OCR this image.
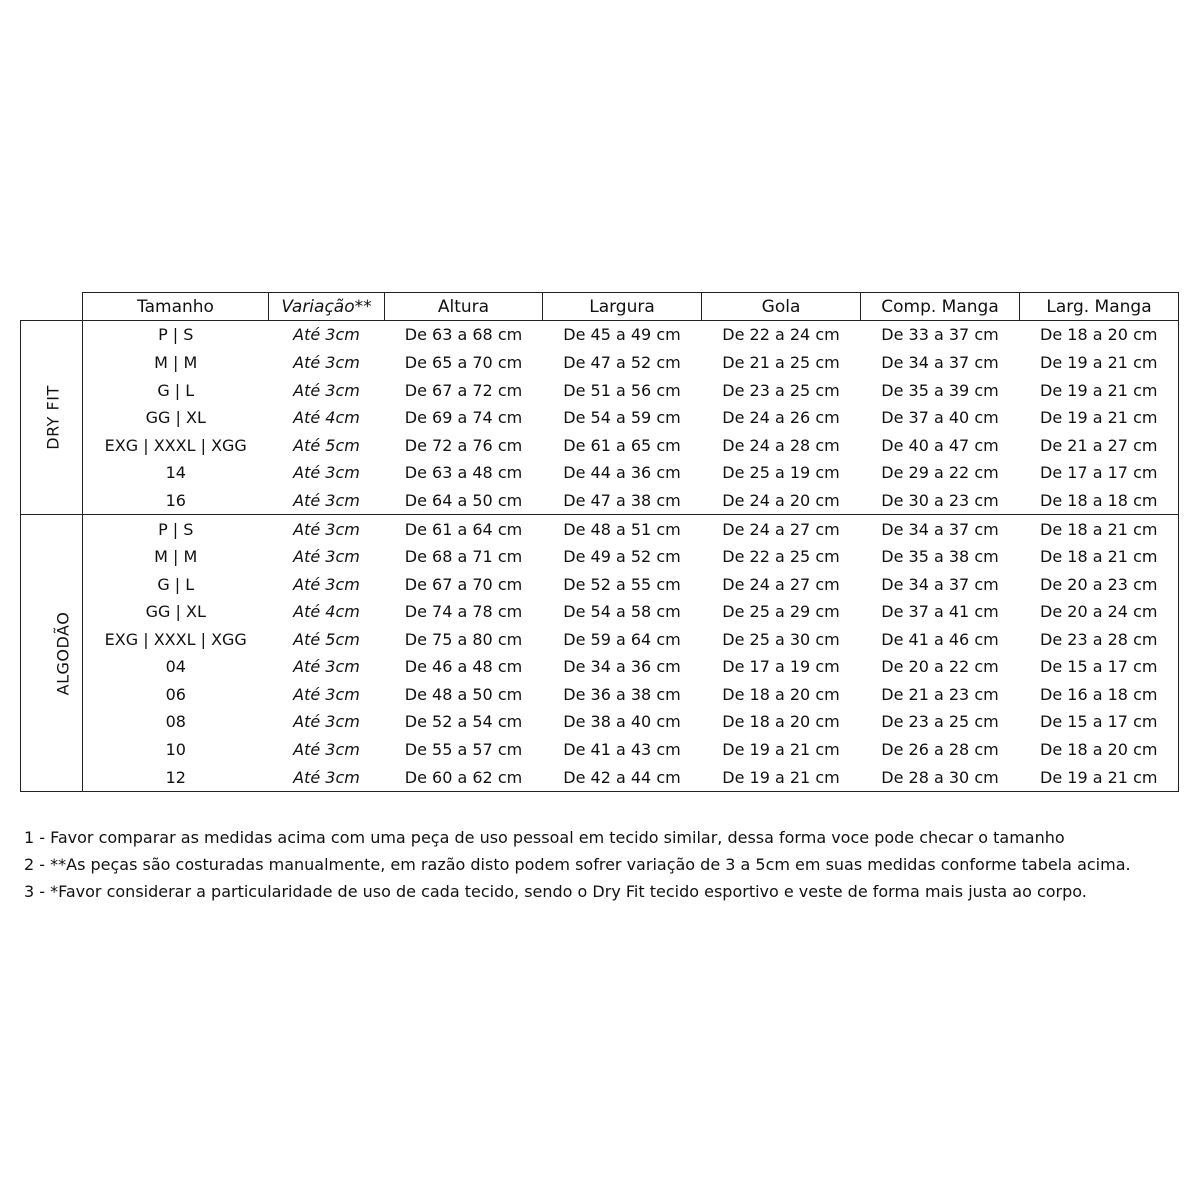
	Tamanho	Variação**	Altura	Largura	Gola	Comp. Manga	Larg. Manga
DRY FIT	P | S	Até 3cm	De 63 a 68 cm	De 45 a 49 cm	De 22 a 24 cm	De 33 a 37 cm	De 18 a 20 cm
	M | M	Até 3cm	De 65 a 70 cm	De 47 a 52 cm	De 21 a 25 cm	De 34 a 37 cm	De 19 a 21 cm
	G | L	Até 3cm	De 67 a 72 cm	De 51 a 56 cm	De 23 a 25 cm	De 35 a 39 cm	De 19 a 21 cm
	GG | XL	Até 4cm	De 69 a 74 cm	De 54 a 59 cm	De 24 a 26 cm	De 37 a 40 cm	De 19 a 21 cm
	EXG | XXXL | XGG	Até 5cm	De 72 a 76 cm	De 61 a 65 cm	De 24 a 28 cm	De 40 a 47 cm	De 21 a 27 cm
	14	Até 3cm	De 63 a 48 cm	De 44 a 36 cm	De 25 a 19 cm	De 29 a 22 cm	De 17 a 17 cm
	16	Até 3cm	De 64 a 50 cm	De 47 a 38 cm	De 24 a 20 cm	De 30 a 23 cm	De 18 a 18 cm
ALGODÃO	P | S	Até 3cm	De 61 a 64 cm	De 48 a 51 cm	De 24 a 27 cm	De 34 a 37 cm	De 18 a 21 cm
	M | M	Até 3cm	De 68 a 71 cm	De 49 a 52 cm	De 22 a 25 cm	De 35 a 38 cm	De 18 a 21 cm
	G | L	Até 3cm	De 67 a 70 cm	De 52 a 55 cm	De 24 a 27 cm	De 34 a 37 cm	De 20 a 23 cm
	GG | XL	Até 4cm	De 74 a 78 cm	De 54 a 58 cm	De 25 a 29 cm	De 37 a 41 cm	De 20 a 24 cm
	EXG | XXXL | XGG	Até 5cm	De 75 a 80 cm	De 59 a 64 cm	De 25 a 30 cm	De 41 a 46 cm	De 23 a 28 cm
	04	Até 3cm	De 46 a 48 cm	De 34 a 36 cm	De 17 a 19 cm	De 20 a 22 cm	De 15 a 17 cm
	06	Até 3cm	De 48 a 50 cm	De 36 a 38 cm	De 18 a 20 cm	De 21 a 23 cm	De 16 a 18 cm
	08	Até 3cm	De 52 a 54 cm	De 38 a 40 cm	De 18 a 20 cm	De 23 a 25 cm	De 15 a 17 cm
	10	Até 3cm	De 55 a 57 cm	De 41 a 43 cm	De 19 a 21 cm	De 26 a 28 cm	De 18 a 20 cm
	12	Até 3cm	De 60 a 62 cm	De 42 a 44 cm	De 19 a 21 cm	De 28 a 30 cm	De 19 a 21 cm

1 - Favor comparar as medidas acima com uma peça de uso pessoal em tecido similar, dessa forma voce pode checar o tamanho

2 - **As peças são costuradas manualmente, em razão disto podem sofrer variação de 3 a 5cm em suas medidas conforme tabela acima.

3 - *Favor considerar a particularidade de uso de cada tecido, sendo o Dry Fit tecido esportivo e veste de forma mais justa ao corpo.
